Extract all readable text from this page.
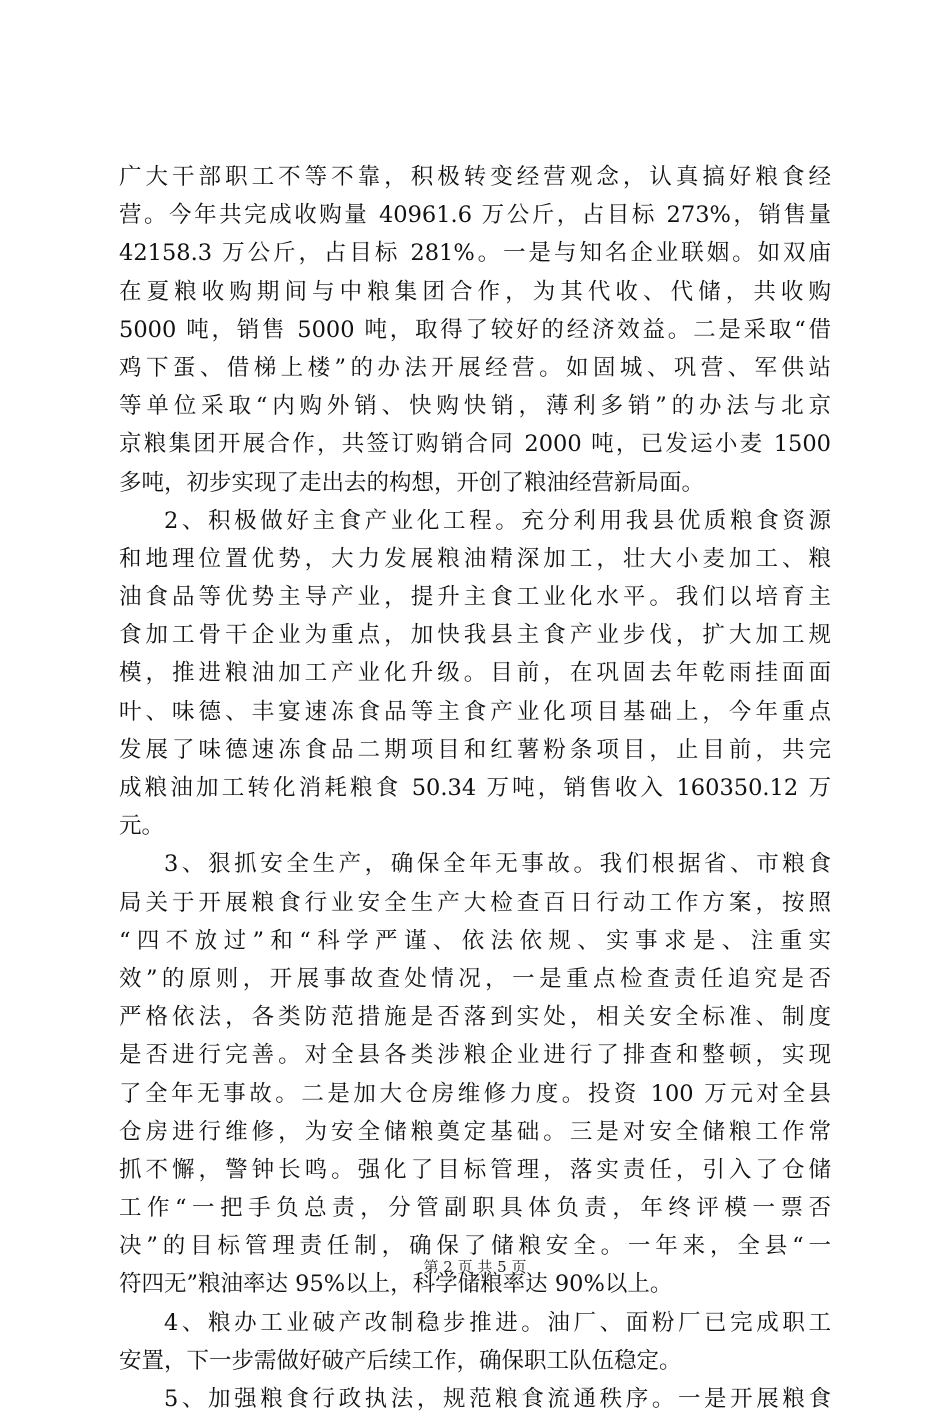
广大干部职工不等不靠，积极转变经营观念，认真搞好粮食经
营。今年共完成收购量 40961.6 万公斤，占目标 273%，销售量
42158.3 万公斤，占目标 281%。一是与知名企业联姻。如双庙
在夏粮收购期间与中粮集团合作，为其代收、代储，共收购
5000 吨，销售 5000 吨，取得了较好的经济效益。二是采取“借
鸡下蛋、借梯上楼”的办法开展经营。如固城、巩营、军供站
等单位采取“内购外销、快购快销，薄利多销”的办法与北京
京粮集团开展合作，共签订购销合同 2000 吨，已发运小麦 1500
多吨，初步实现了走出去的构想，开创了粮油经营新局面。
2、积极做好主食产业化工程。充分利用我县优质粮食资源
和地理位置优势，大力发展粮油精深加工，壮大小麦加工、粮
油食品等优势主导产业，提升主食工业化水平。我们以培育主
食加工骨干企业为重点，加快我县主食产业步伐，扩大加工规
模，推进粮油加工产业化升级。目前，在巩固去年乾雨挂面面
叶、味德、丰宴速冻食品等主食产业化项目基础上，今年重点
发展了味德速冻食品二期项目和红薯粉条项目，止目前，共完
成粮油加工转化消耗粮食 50.34 万吨，销售收入 160350.12 万
元。
3、狠抓安全生产，确保全年无事故。我们根据省、市粮食
局关于开展粮食行业安全生产大检查百日行动工作方案，按照
“四不放过”和“科学严谨、依法依规、实事求是、注重实
效”的原则，开展事故查处情况，一是重点检查责任追究是否
严格依法，各类防范措施是否落到实处，相关安全标准、制度
是否进行完善。对全县各类涉粮企业进行了排查和整顿，实现
了全年无事故。二是加大仓房维修力度。投资 100 万元对全县
仓房进行维修，为安全储粮奠定基础。三是对安全储粮工作常
抓不懈，警钟长鸣。强化了目标管理，落实责任，引入了仓储
工作“一把手负总责，分管副职具体负责，年终评模一票否
决”的目标管理责任制，确保了储粮安全。一年来，全县“一
符四无”粮油率达 95%以上，科学储粮率达 90%以上。
4、粮办工业破产改制稳步推进。油厂、面粉厂已完成职工
安置，下一步需做好破产后续工作，确保职工队伍稳定。
5、加强粮食行政执法，规范粮食流通秩序。一是开展粮食
第 2 页 共 5 页
